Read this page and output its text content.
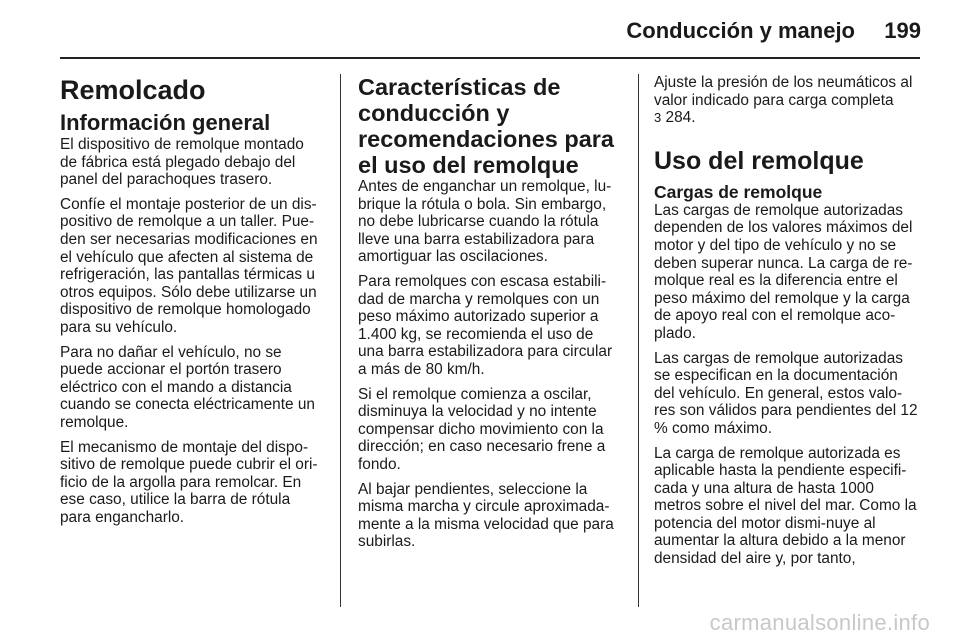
Conducción y manejo 199
Remolcado
Información general

El dispositivo de remolque montado de fábrica está plegado debajo del panel del parachoques trasero.

Confíe el montaje posterior de un dis-positivo de remolque a un taller. Pue-den ser necesarias modificaciones en el vehículo que afecten al sistema de refrigeración, las pantallas térmicas u otros equipos. Sólo debe utilizarse un dispositivo de remolque homologado para su vehículo.

Para no dañar el vehículo, no se puede accionar el portón trasero eléctrico con el mando a distancia cuando se conecta eléctricamente un remolque.

El mecanismo de montaje del dispo-sitivo de remolque puede cubrir el ori-ficio de la argolla para remolcar. En ese caso, utilice la barra de rótula para engancharlo.

Características de conducción y recomendaciones para el uso del remolque

Antes de enganchar un remolque, lu-brique la rótula o bola. Sin embargo, no debe lubricarse cuando la rótula lleve una barra estabilizadora para amortiguar las oscilaciones.

Para remolques con escasa estabili-dad de marcha y remolques con un peso máximo autorizado superior a 1.400 kg, se recomienda el uso de una barra estabilizadora para circular a más de 80 km/h.

Si el remolque comienza a oscilar, disminuya la velocidad y no intente compensar dicho movimiento con la dirección; en caso necesario frene a fondo.

Al bajar pendientes, seleccione la misma marcha y circule aproximada-mente a la misma velocidad que para subirlas.

Ajuste la presión de los neumáticos al valor indicado para carga completa
3 284.

Uso del remolque
Cargas de remolque

Las cargas de remolque autorizadas dependen de los valores máximos del motor y del tipo de vehículo y no se deben superar nunca. La carga de re-molque real es la diferencia entre el peso máximo del remolque y la carga de apoyo real con el remolque aco-plado.

Las cargas de remolque autorizadas se especifican en la documentación del vehículo. En general, estos valo-res son válidos para pendientes del 12 % como máximo.

La carga de remolque autorizada es aplicable hasta la pendiente especifi-cada y una altura de hasta 1000 metros sobre el nivel del mar. Como la potencia del motor dismi-nuye al aumentar la altura debido a la menor densidad del aire y, por tanto,

carmanualsonline.info
